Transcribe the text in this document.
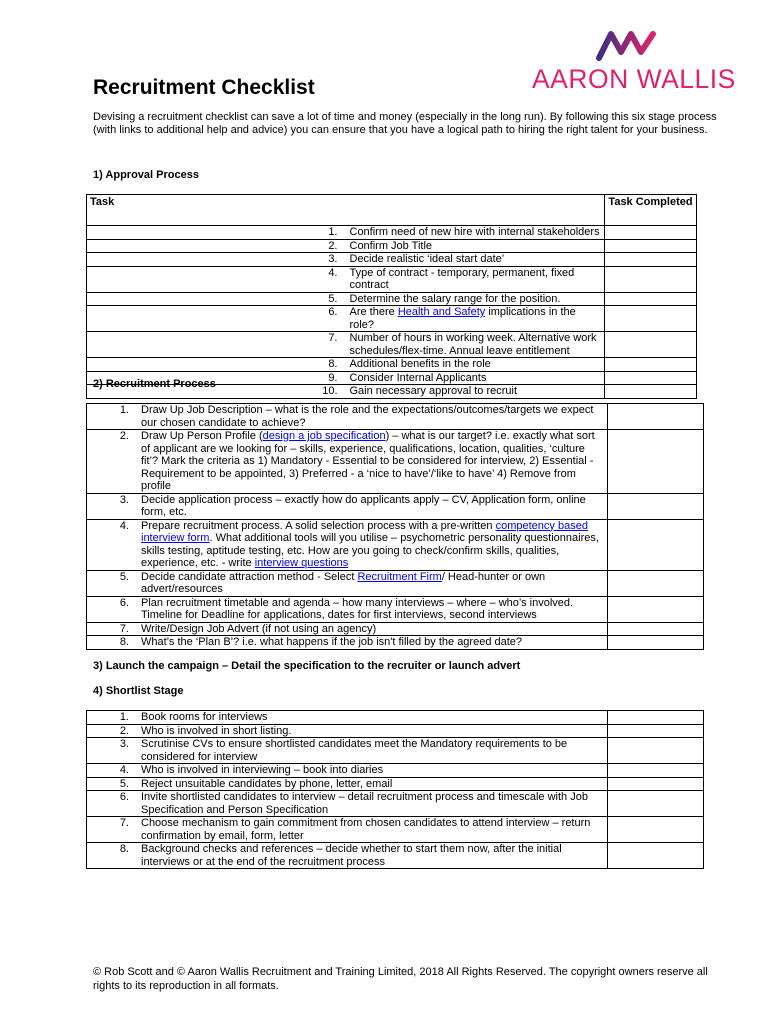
AARON WALLIS
Recruitment Checklist

Devising a recruitment checklist can save a lot of time and money (especially in the long run). By following this six stage process (with links to additional help and advice) you can ensure that you have a logical path to hiring the right talent for your business.

1) Approval Process

Task		Task Completed
1.	Confirm need of new hire with internal stakeholders	
2.	Confirm Job Title	
3.	Decide realistic ‘ideal start date’	
4.	Type of contract - temporary, permanent, fixed contract	
5.	Determine the salary range for the position.	
6.	Are there Health and Safety implications in the role?	
7.	Number of hours in working week. Alternative work schedules/flex-time. Annual leave entitlement	
8.	Additional benefits in the role	
9.	Consider Internal Applicants	
10.	Gain necessary approval to recruit	

2) Recruitment Process

1.	Draw Up Job Description – what is the role and the expectations/outcomes/targets we expect our chosen candidate to achieve?	
2.	Draw Up Person Profile (design a job specification) – what is our target? i.e. exactly what sort of applicant are we looking for – skills, experience, qualifications, location, qualities, ‘culture fit’? Mark the criteria as 1) Mandatory - Essential to be considered for interview, 2) Essential - Requirement to be appointed, 3) Preferred - a ‘nice to have’/‘like to have’ 4) Remove from profile	
3.	Decide application process – exactly how do applicants apply – CV, Application form, online form, etc.	
4.	Prepare recruitment process. A solid selection process with a pre-written competency based interview form. What additional tools will you utilise – psychometric personality questionnaires, skills testing, aptitude testing, etc. How are you going to check/confirm skills, qualities, experience, etc. - write interview questions	
5.	Decide candidate attraction method - Select Recruitment Firm/ Head-hunter or own advert/resources	
6.	Plan recruitment timetable and agenda – how many interviews – where – who’s involved. Timeline for Deadline for applications, dates for first interviews, second interviews	
7.	Write/Design Job Advert (if not using an agency)	
8.	What’s the ‘Plan B’? i.e. what happens if the job isn't filled by the agreed date?	

3) Launch the campaign – Detail the specification to the recruiter or launch advert

4) Shortlist Stage

1.	Book rooms for interviews	
2.	Who is involved in short listing.	
3.	Scrutinise CVs to ensure shortlisted candidates meet the Mandatory requirements to be considered for interview	
4.	Who is involved in interviewing – book into diaries	
5.	Reject unsuitable candidates by phone, letter, email	
6.	Invite shortlisted candidates to interview – detail recruitment process and timescale with Job Specification and Person Specification	
7.	Choose mechanism to gain commitment from chosen candidates to attend interview – return confirmation by email, form, letter	
8.	Background checks and references – decide whether to start them now, after the initial interviews or at the end of the recruitment process	

© Rob Scott and © Aaron Wallis Recruitment and Training Limited, 2018 All Rights Reserved. The copyright owners reserve all rights to its reproduction in all formats.
